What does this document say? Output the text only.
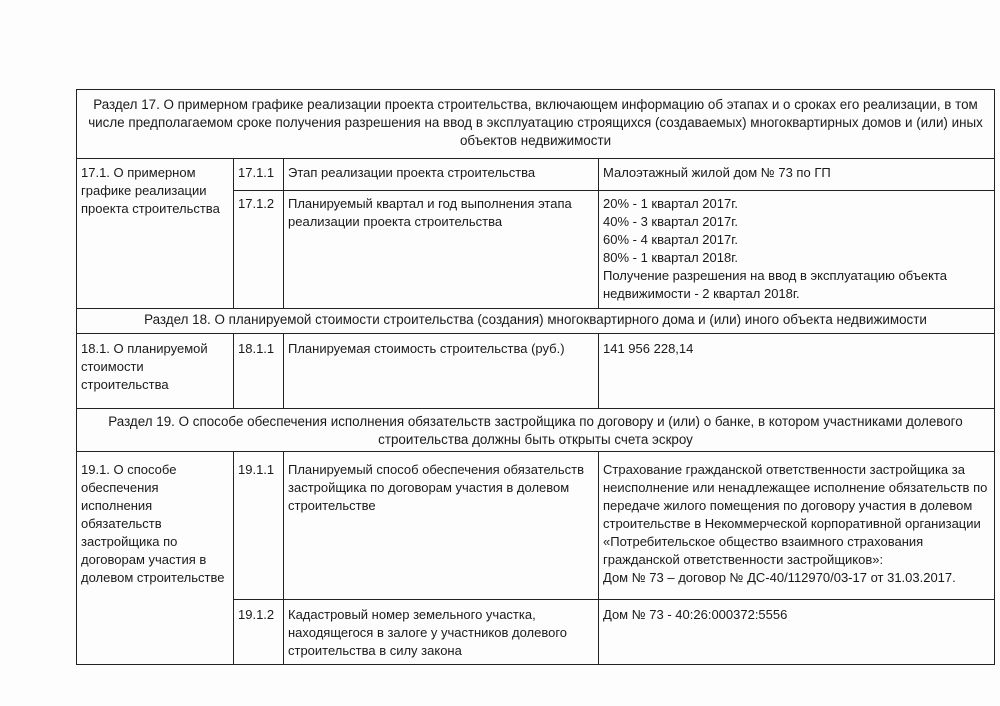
Раздел 17. О примерном графике реализации проекта строительства, включающем информацию об этапах и о сроках его реализации, в том числе предполагаемом сроке получения разрешения на ввод в эксплуатацию строящихся (создаваемых) многоквартирных домов и (или) иных объектов недвижимости			
17.1. О примерном графике реализации проекта строительства	17.1.1	Этап реализации проекта строительства	Малоэтажный жилой дом № 73 по ГП

	17.1.2	Планируемый квартал и год выполнения этапа реализации проекта строительства	20% - 1 квартал 2017г.
40% - 3 квартал 2017г.
60% - 4 квартал 2017г.
80% - 1 квартал 2018г.
Получение разрешения на ввод в эксплуатацию объекта недвижимости - 2 квартал 2018г.

Раздел 18. О планируемой стоимости строительства (создания) многоквартирного дома и (или) иного объекта недвижимости			
18.1. О планируемой стоимости строительства	18.1.1	Планируемая стоимость строительства (руб.)	141 956 228,14

Раздел 19. О способе обеспечения исполнения обязательств застройщика по договору и (или) о банке, в котором участниками долевого строительства должны быть открыты счета эскроу			
19.1. О способе обеспечения исполнения обязательств застройщика по договорам участия в долевом строительстве	19.1.1	Планируемый способ обеспечения обязательств застройщика по договорам участия в долевом строительстве	Страхование гражданской ответственности застройщика за неисполнение или ненадлежащее исполнение обязательств по передаче жилого помещения по договору участия в долевом строительстве в Некоммерческой корпоративной организации «Потребительское общество взаимного страхования гражданской ответственности застройщиков»:
Дом № 73 – договор № ДС-40/112970/03-17 от 31.03.2017.

	19.1.2	Кадастровый номер земельного участка, находящегося в залоге у участников долевого строительства в силу закона	Дом № 73 - 40:26:000372:5556
